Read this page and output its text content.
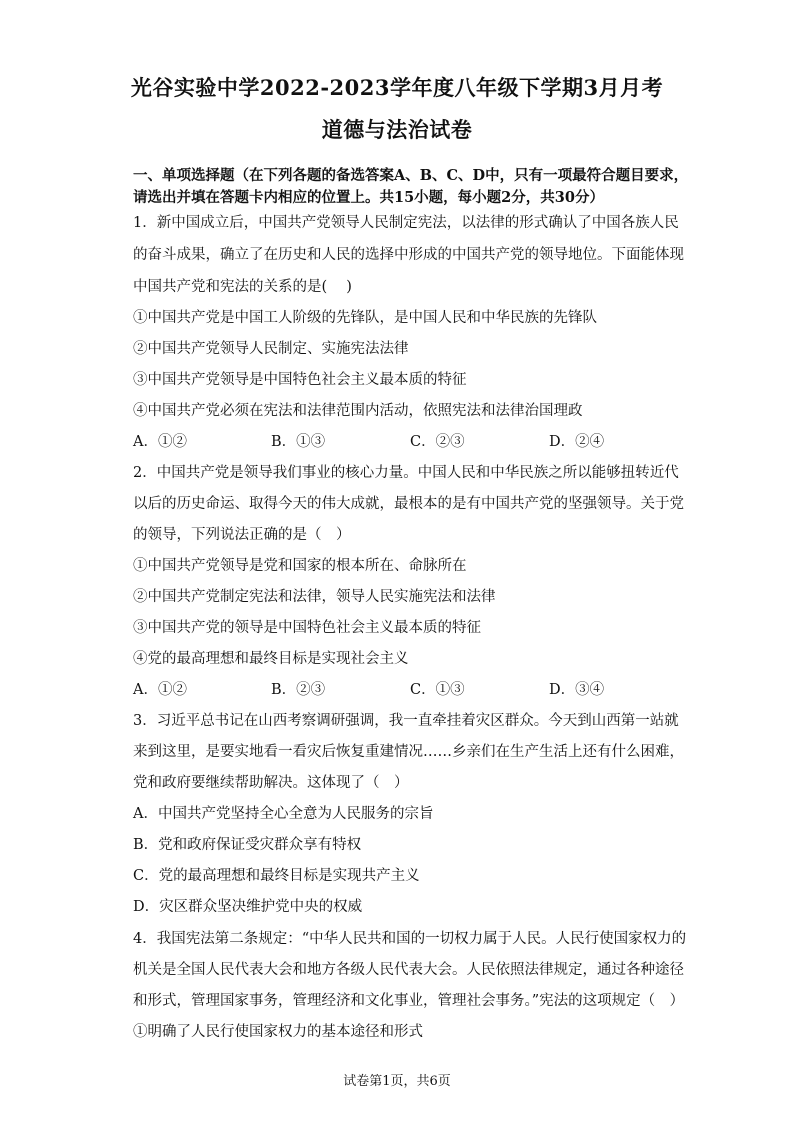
光谷实验中学2022-2023学年度八年级下学期3月月考
道德与法治试卷
一、单项选择题（在下列各题的备选答案A、B、C、D中，只有一项最符合题目要求，
请选出并填在答题卡内相应的位置上。共15小题，每小题2分，共30分）
1．新中国成立后，中国共产党领导人民制定宪法，以法律的形式确认了中国各族人民
的奋斗成果，确立了在历史和人民的选择中形成的中国共产党的领导地位。下面能体现
中国共产党和宪法的关系的是(　 )
①中国共产党是中国工人阶级的先锋队，是中国人民和中华民族的先锋队
②中国共产党领导人民制定、实施宪法法律
③中国共产党领导是中国特色社会主义最本质的特征
④中国共产党必须在宪法和法律范围内活动，依照宪法和法律治国理政
A．①②	B．①③	C．②③	D．②④
2．中国共产党是领导我们事业的核心力量。中国人民和中华民族之所以能够扭转近代
以后的历史命运、取得今天的伟大成就，最根本的是有中国共产党的坚强领导。关于党
的领导，下列说法正确的是（　）
①中国共产党领导是党和国家的根本所在、命脉所在
②中国共产党制定宪法和法律，领导人民实施宪法和法律
③中国共产党的领导是中国特色社会主义最本质的特征
④党的最高理想和最终目标是实现社会主义
A．①②	B．②③	C．①③	D．③④
3．习近平总书记在山西考察调研强调，我一直牵挂着灾区群众。今天到山西第一站就
来到这里，是要实地看一看灾后恢复重建情况……乡亲们在生产生活上还有什么困难，
党和政府要继续帮助解决。这体现了（　）
A．中国共产党坚持全心全意为人民服务的宗旨
B．党和政府保证受灾群众享有特权
C．党的最高理想和最终目标是实现共产主义
D．灾区群众坚决维护党中央的权威
4．我国宪法第二条规定：“中华人民共和国的一切权力属于人民。人民行使国家权力的
机关是全国人民代表大会和地方各级人民代表大会。人民依照法律规定，通过各种途径
和形式，管理国家事务，管理经济和文化事业，管理社会事务。”宪法的这项规定（　）
①明确了人民行使国家权力的基本途径和形式
试卷第1页，共6页
